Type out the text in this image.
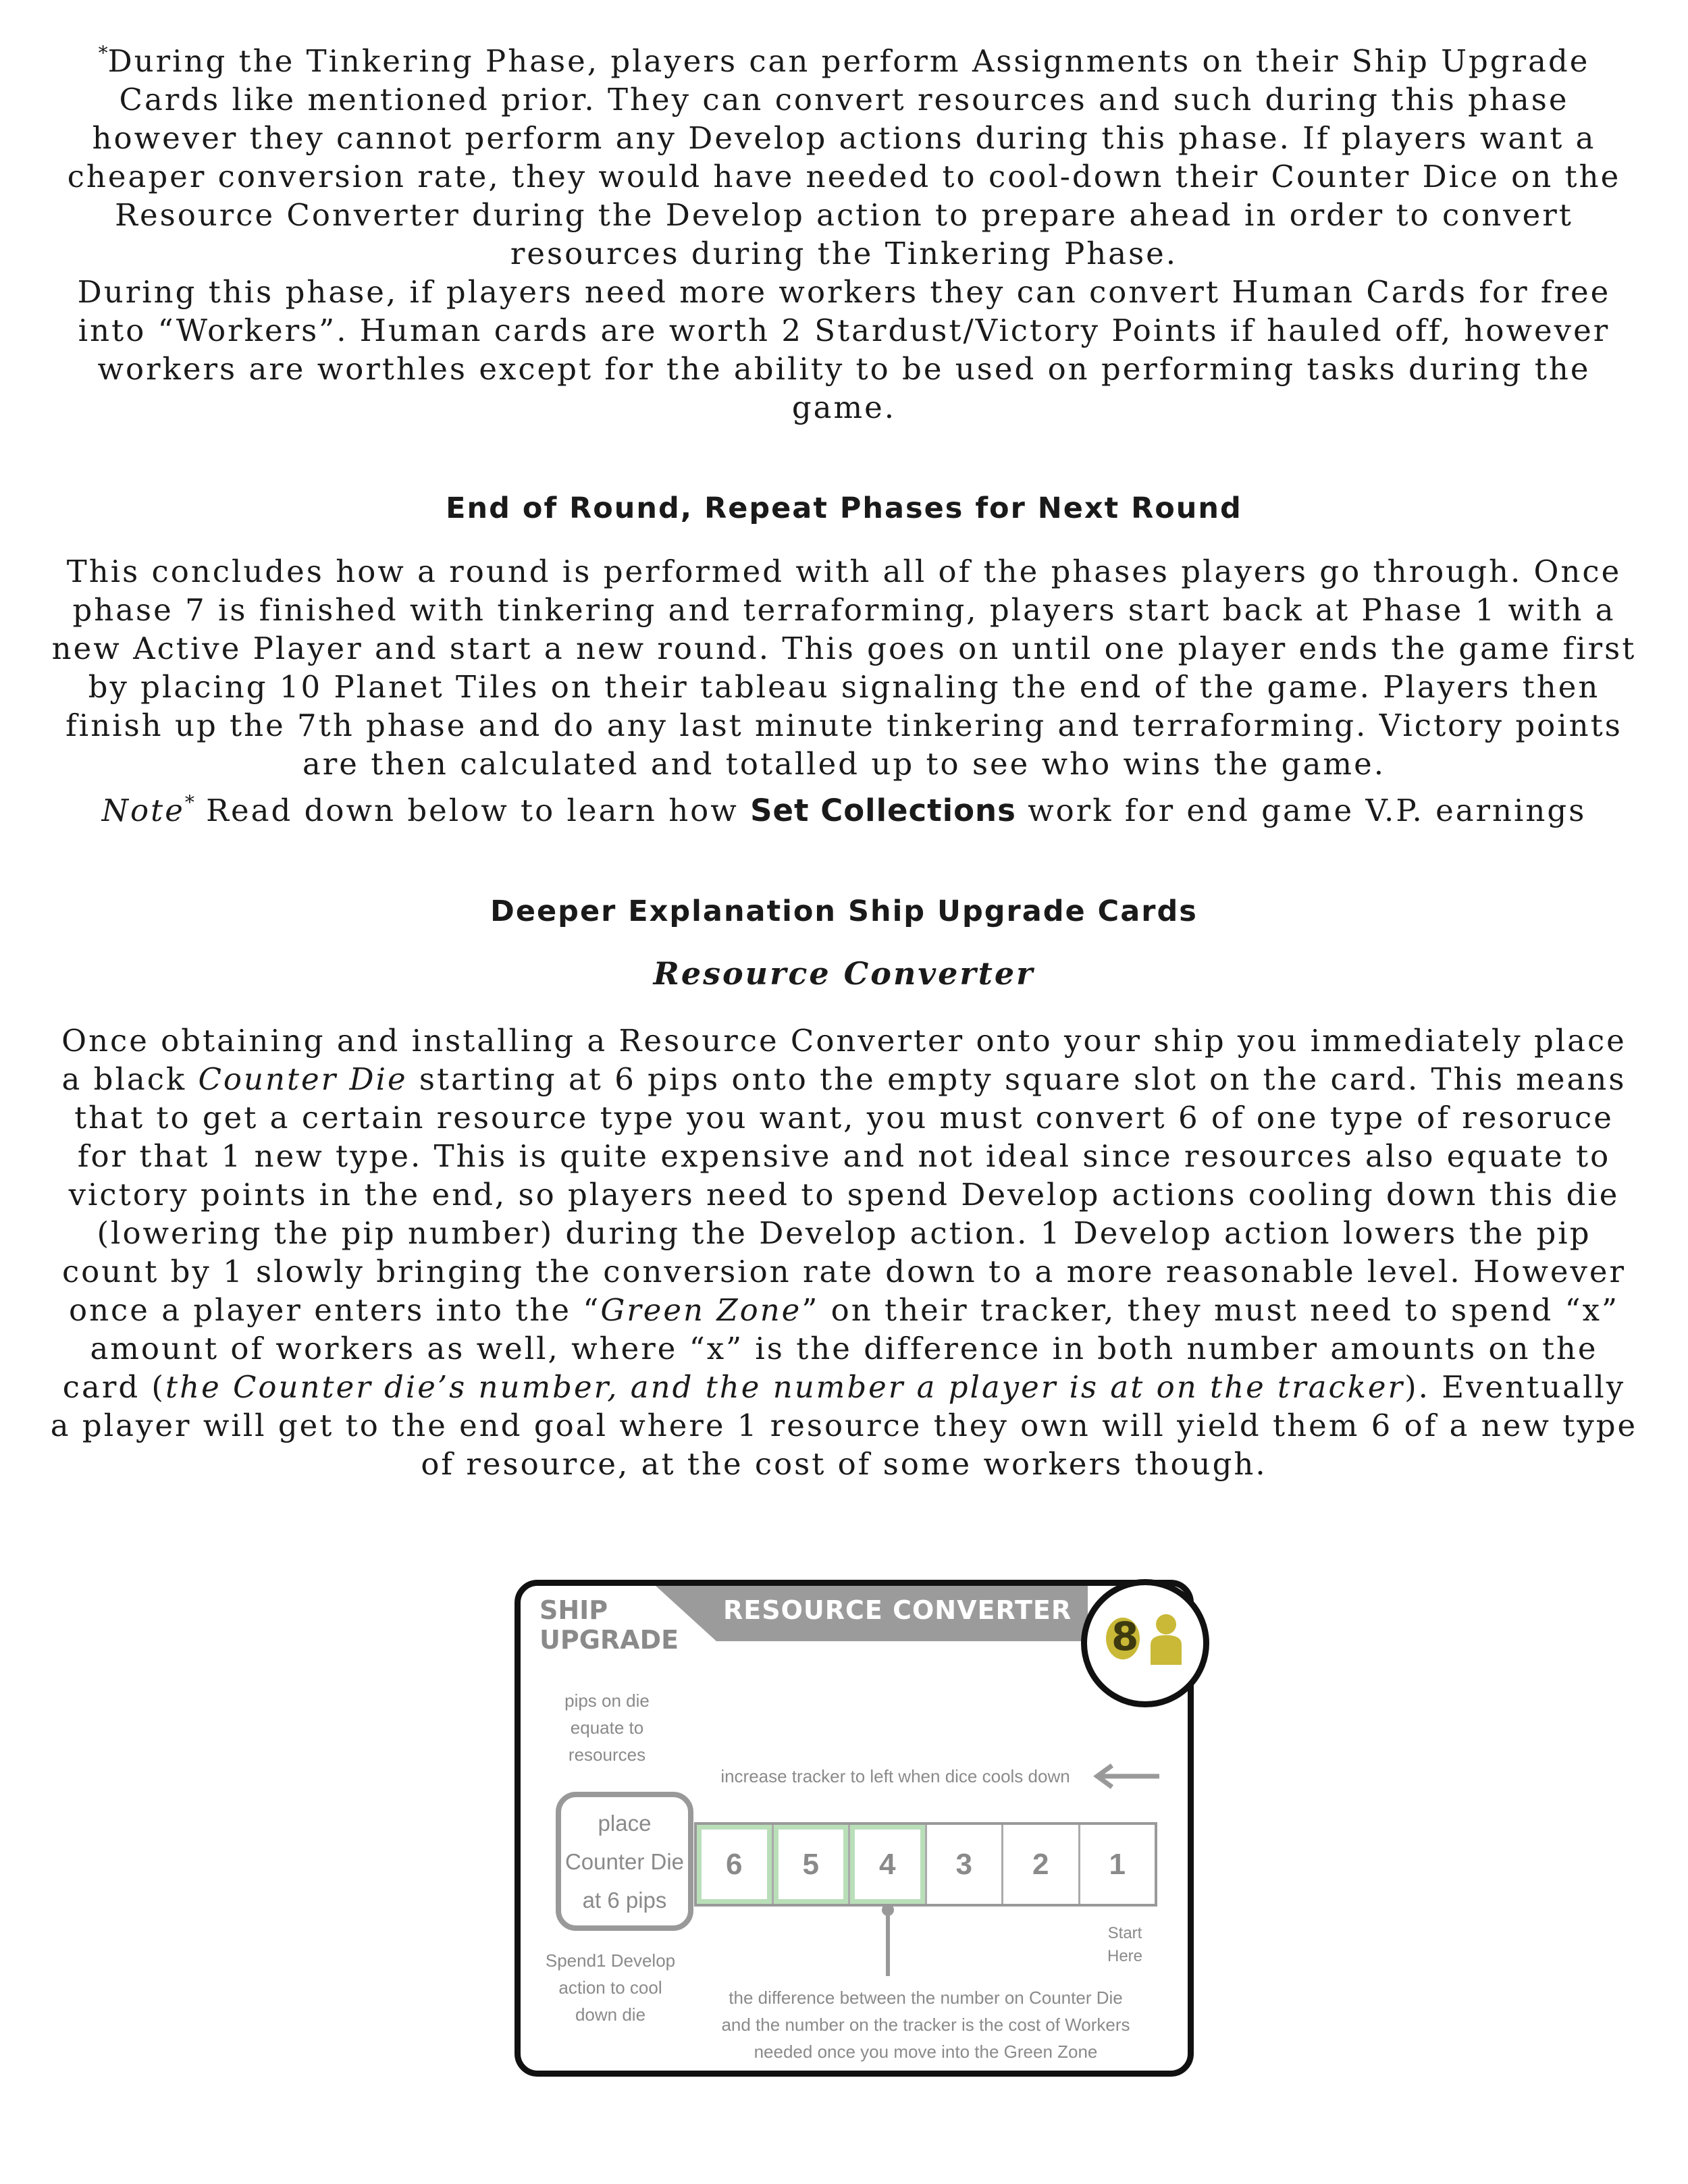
*During the Tinkering Phase, players can perform Assignments on their Ship Upgrade Cards like mentioned prior. They can convert resources and such during this phase however they cannot perform any Develop actions during this phase. If players want a cheaper conversion rate, they would have needed to cool-down their Counter Dice on the Resource Converter during the Develop action to prepare ahead in order to convert resources during the Tinkering Phase.

During this phase, if players need more workers they can convert Human Cards for free into “Workers”. Human cards are worth 2 Stardust/Victory Points if hauled off, however workers are worthles except for the ability to be used on performing tasks during the game.

End of Round, Repeat Phases for Next Round

This concludes how a round is performed with all of the phases players go through. Once phase 7 is finished with tinkering and terraforming, players start back at Phase 1 with a new Active Player and start a new round. This goes on until one player ends the game first by placing 10 Planet Tiles on their tableau signaling the end of the game. Players then finish up the 7th phase and do any last minute tinkering and terraforming. Victory points are then calculated and totalled up to see who wins the game.

Note* Read down below to learn how Set Collections work for end game V.P. earnings

Deeper Explanation Ship Upgrade Cards
Resource Converter

Once obtaining and installing a Resource Converter onto your ship you immediately place a black Counter Die starting at 6 pips onto the empty square slot on the card. This means that to get a certain resource type you want, you must convert 6 of one type of resoruce for that 1 new type. This is quite expensive and not ideal since resources also equate to victory points in the end, so players need to spend Develop actions cooling down this die (lowering the pip number) during the Develop action. 1 Develop action lowers the pip count by 1 slowly bringing the conversion rate down to a more reasonable level. However once a player enters into the “Green Zone” on their tracker, they must need to spend “x” amount of workers as well, where “x” is the difference in both number amounts on the card (the Counter die’s number, and the number a player is at on the tracker). Eventually a player will get to the end goal where 1 resource they own will yield them 6 of a new type of resource, at the cost of some workers though.

RESOURCE CONVERTER
SHIP
UPGRADE	8
pips on die
equate to
resources
increase tracker to left when dice cools down
place
Counter Die
at 6 pips
6	5	4	3	2	1
Start
Here
Spend1 Develop
action to cool
down die
the difference between the number on Counter Die
and the number on the tracker is the cost of Workers
needed once you move into the Green Zone
